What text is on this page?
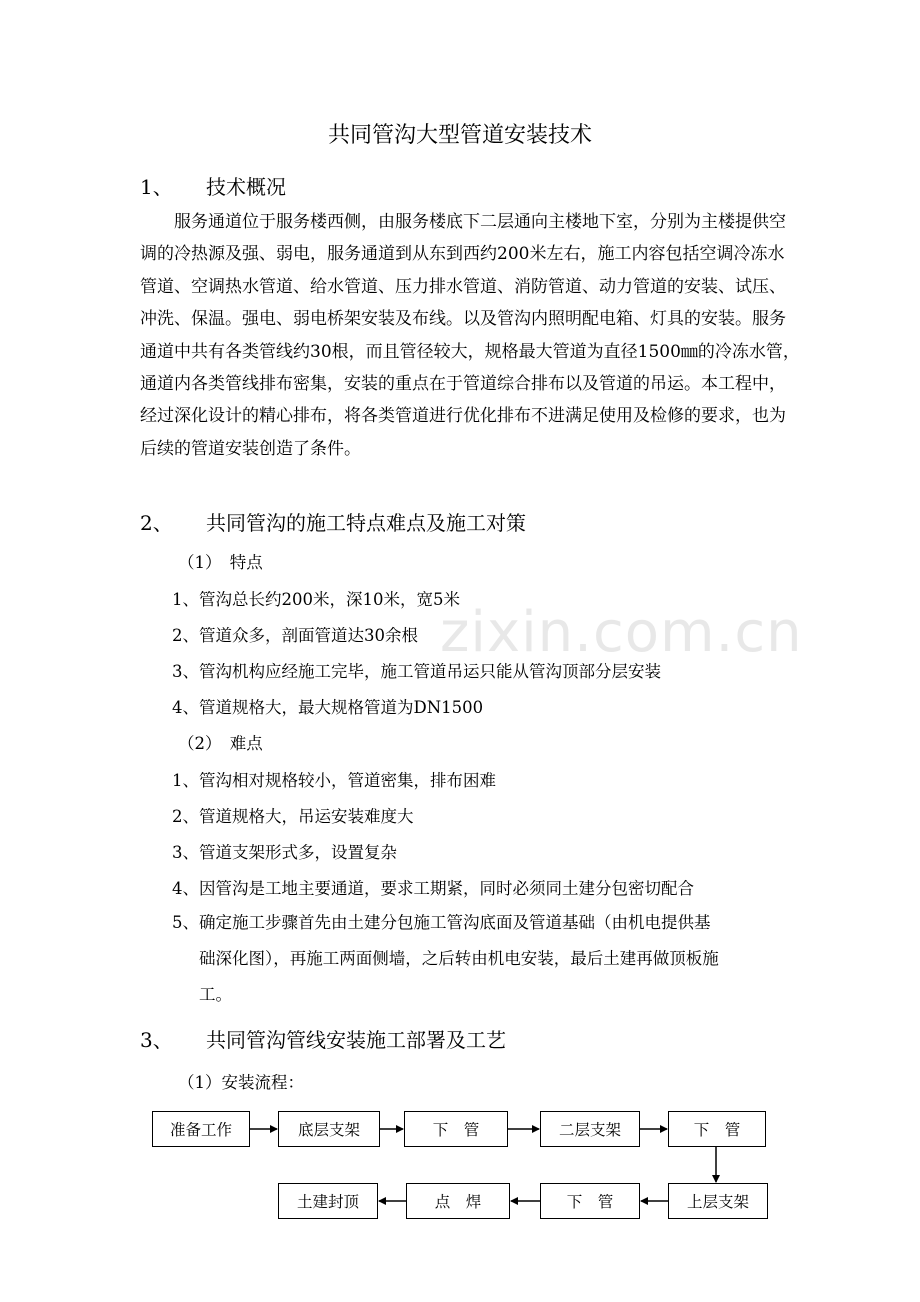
共同管沟大型管道安装技术
1、 技术概况
服务通道位于服务楼西侧，由服务楼底下二层通向主楼地下室，分别为主楼提供空调的冷热源及强、弱电，服务通道到从东到西约200米左右，施工内容包括空调冷冻水管道、空调热水管道、给水管道、压力排水管道、消防管道、动力管道的安装、试压、冲洗、保温。强电、弱电桥架安装及布线。以及管沟内照明配电箱、灯具的安装。服务通道中共有各类管线约30根，而且管径较大，规格最大管道为直径1500㎜的冷冻水管，通道内各类管线排布密集，安装的重点在于管道综合排布以及管道的吊运。本工程中，经过深化设计的精心排布，将各类管道进行优化排布不进满足使用及检修的要求，也为后续的管道安装创造了条件。
2、 共同管沟的施工特点难点及施工对策
（1）　特点
1、管沟总长约200米，深10米，宽5米
2、管道众多，剖面管道达30余根
3、管沟机构应经施工完毕，施工管道吊运只能从管沟顶部分层安装
4、管道规格大，最大规格管道为DN1500
（2）　难点
1、管沟相对规格较小，管道密集，排布困难
2、管道规格大，吊运安装难度大
3、管道支架形式多，设置复杂
4、因管沟是工地主要通道，要求工期紧，同时必须同土建分包密切配合
5、确定施工步骤首先由土建分包施工管沟底面及管道基础（由机电提供基
础深化图），再施工两面侧墙，之后转由机电安装，最后土建再做顶板施
工。
3、 共同管沟管线安装施工部署及工艺
（1）安装流程：
准备工作	底层支架	下　管	二层支架	下　管
土建封顶	点　焊	下　管	上层支架
zixin.com.cn
